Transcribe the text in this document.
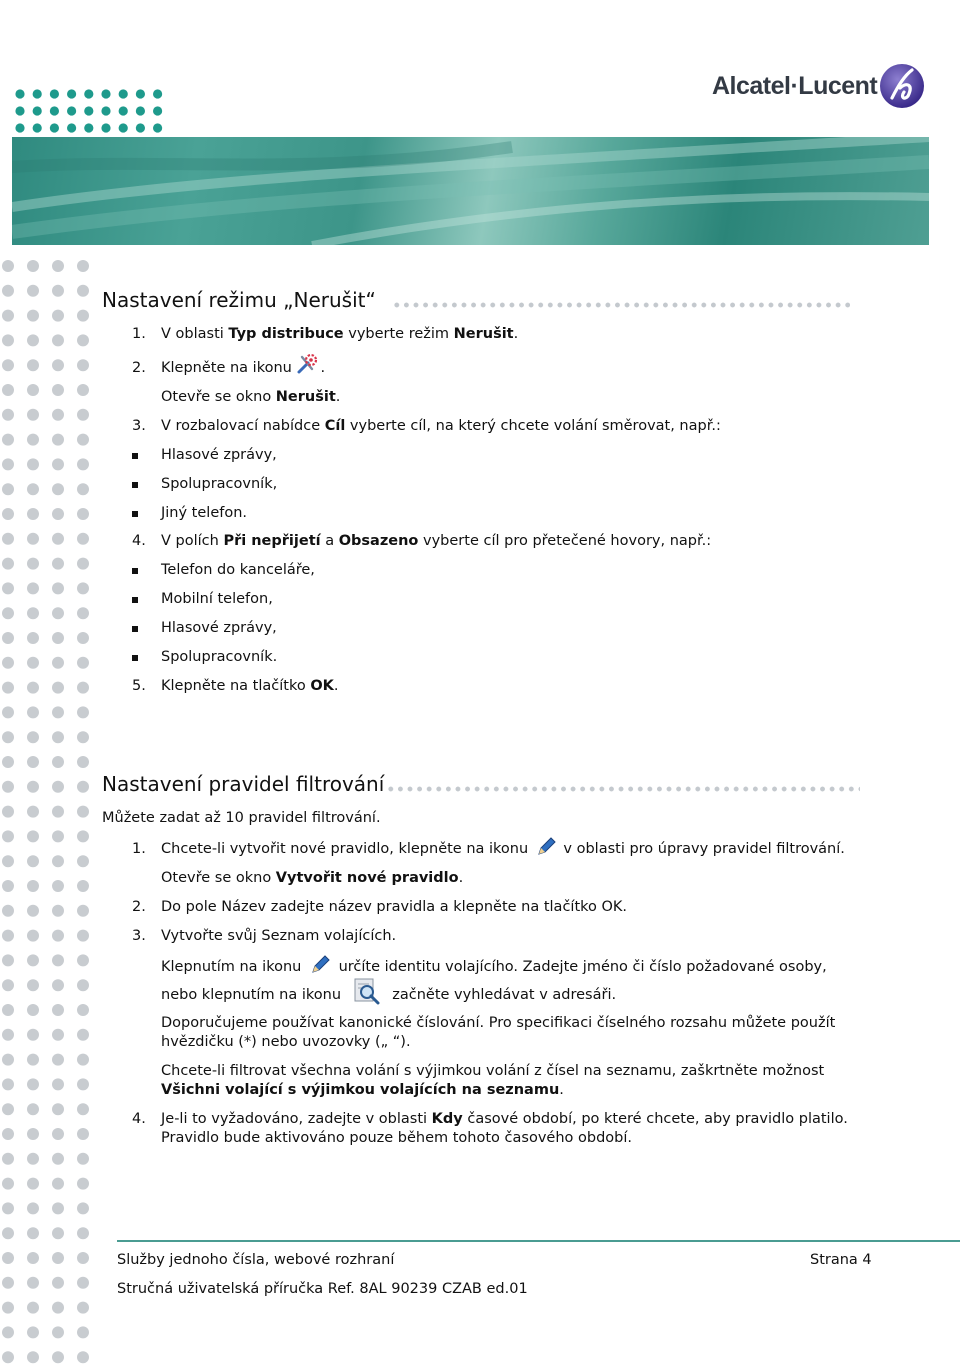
Alcatel·Lucent
Nastavení režimu „Nerušit“
1. V oblasti Typ distribuce vyberte režim Nerušit.
2. Klepněte na ikonu .
Otevře se okno Nerušit.
3. V rozbalovací nabídce Cíl vyberte cíl, na který chcete volání směrovat, např.:
Hlasové zprávy,
Spolupracovník,
Jiný telefon.
4. V polích Při nepřijetí a Obsazeno vyberte cíl pro přetečené hovory, např.:
Telefon do kanceláře,
Mobilní telefon,
Hlasové zprávy,
Spolupracovník.
5. Klepněte na tlačítko OK.
Nastavení pravidel filtrování
Můžete zadat až 10 pravidel filtrování.
1. Chcete-li vytvořit nové pravidlo, klepněte na ikonu v oblasti pro úpravy pravidel filtrování.
Otevře se okno Vytvořit nové pravidlo.
2. Do pole Název zadejte název pravidla a klepněte na tlačítko OK.
3. Vytvořte svůj Seznam volajících.
Klepnutím na ikonu	určíte identitu volajícího. Zadejte jméno či číslo požadované osoby,
nebo klepnutím na ikonu	začněte vyhledávat v adresáři.
Doporučujeme používat kanonické číslování. Pro specifikaci číselného rozsahu můžete použít
hvězdičku (*) nebo uvozovky („ “).
Chcete-li filtrovat všechna volání s výjimkou volání z čísel na seznamu, zaškrtněte možnost
Všichni volající s výjimkou volajících na seznamu.
4. Je-li to vyžadováno, zadejte v oblasti Kdy časové období, po které chcete, aby pravidlo platilo.
Pravidlo bude aktivováno pouze během tohoto časového období.
Služby jednoho čísla, webové rozhraní	Strana 4
Stručná uživatelská příručka Ref. 8AL 90239 CZAB ed.01
